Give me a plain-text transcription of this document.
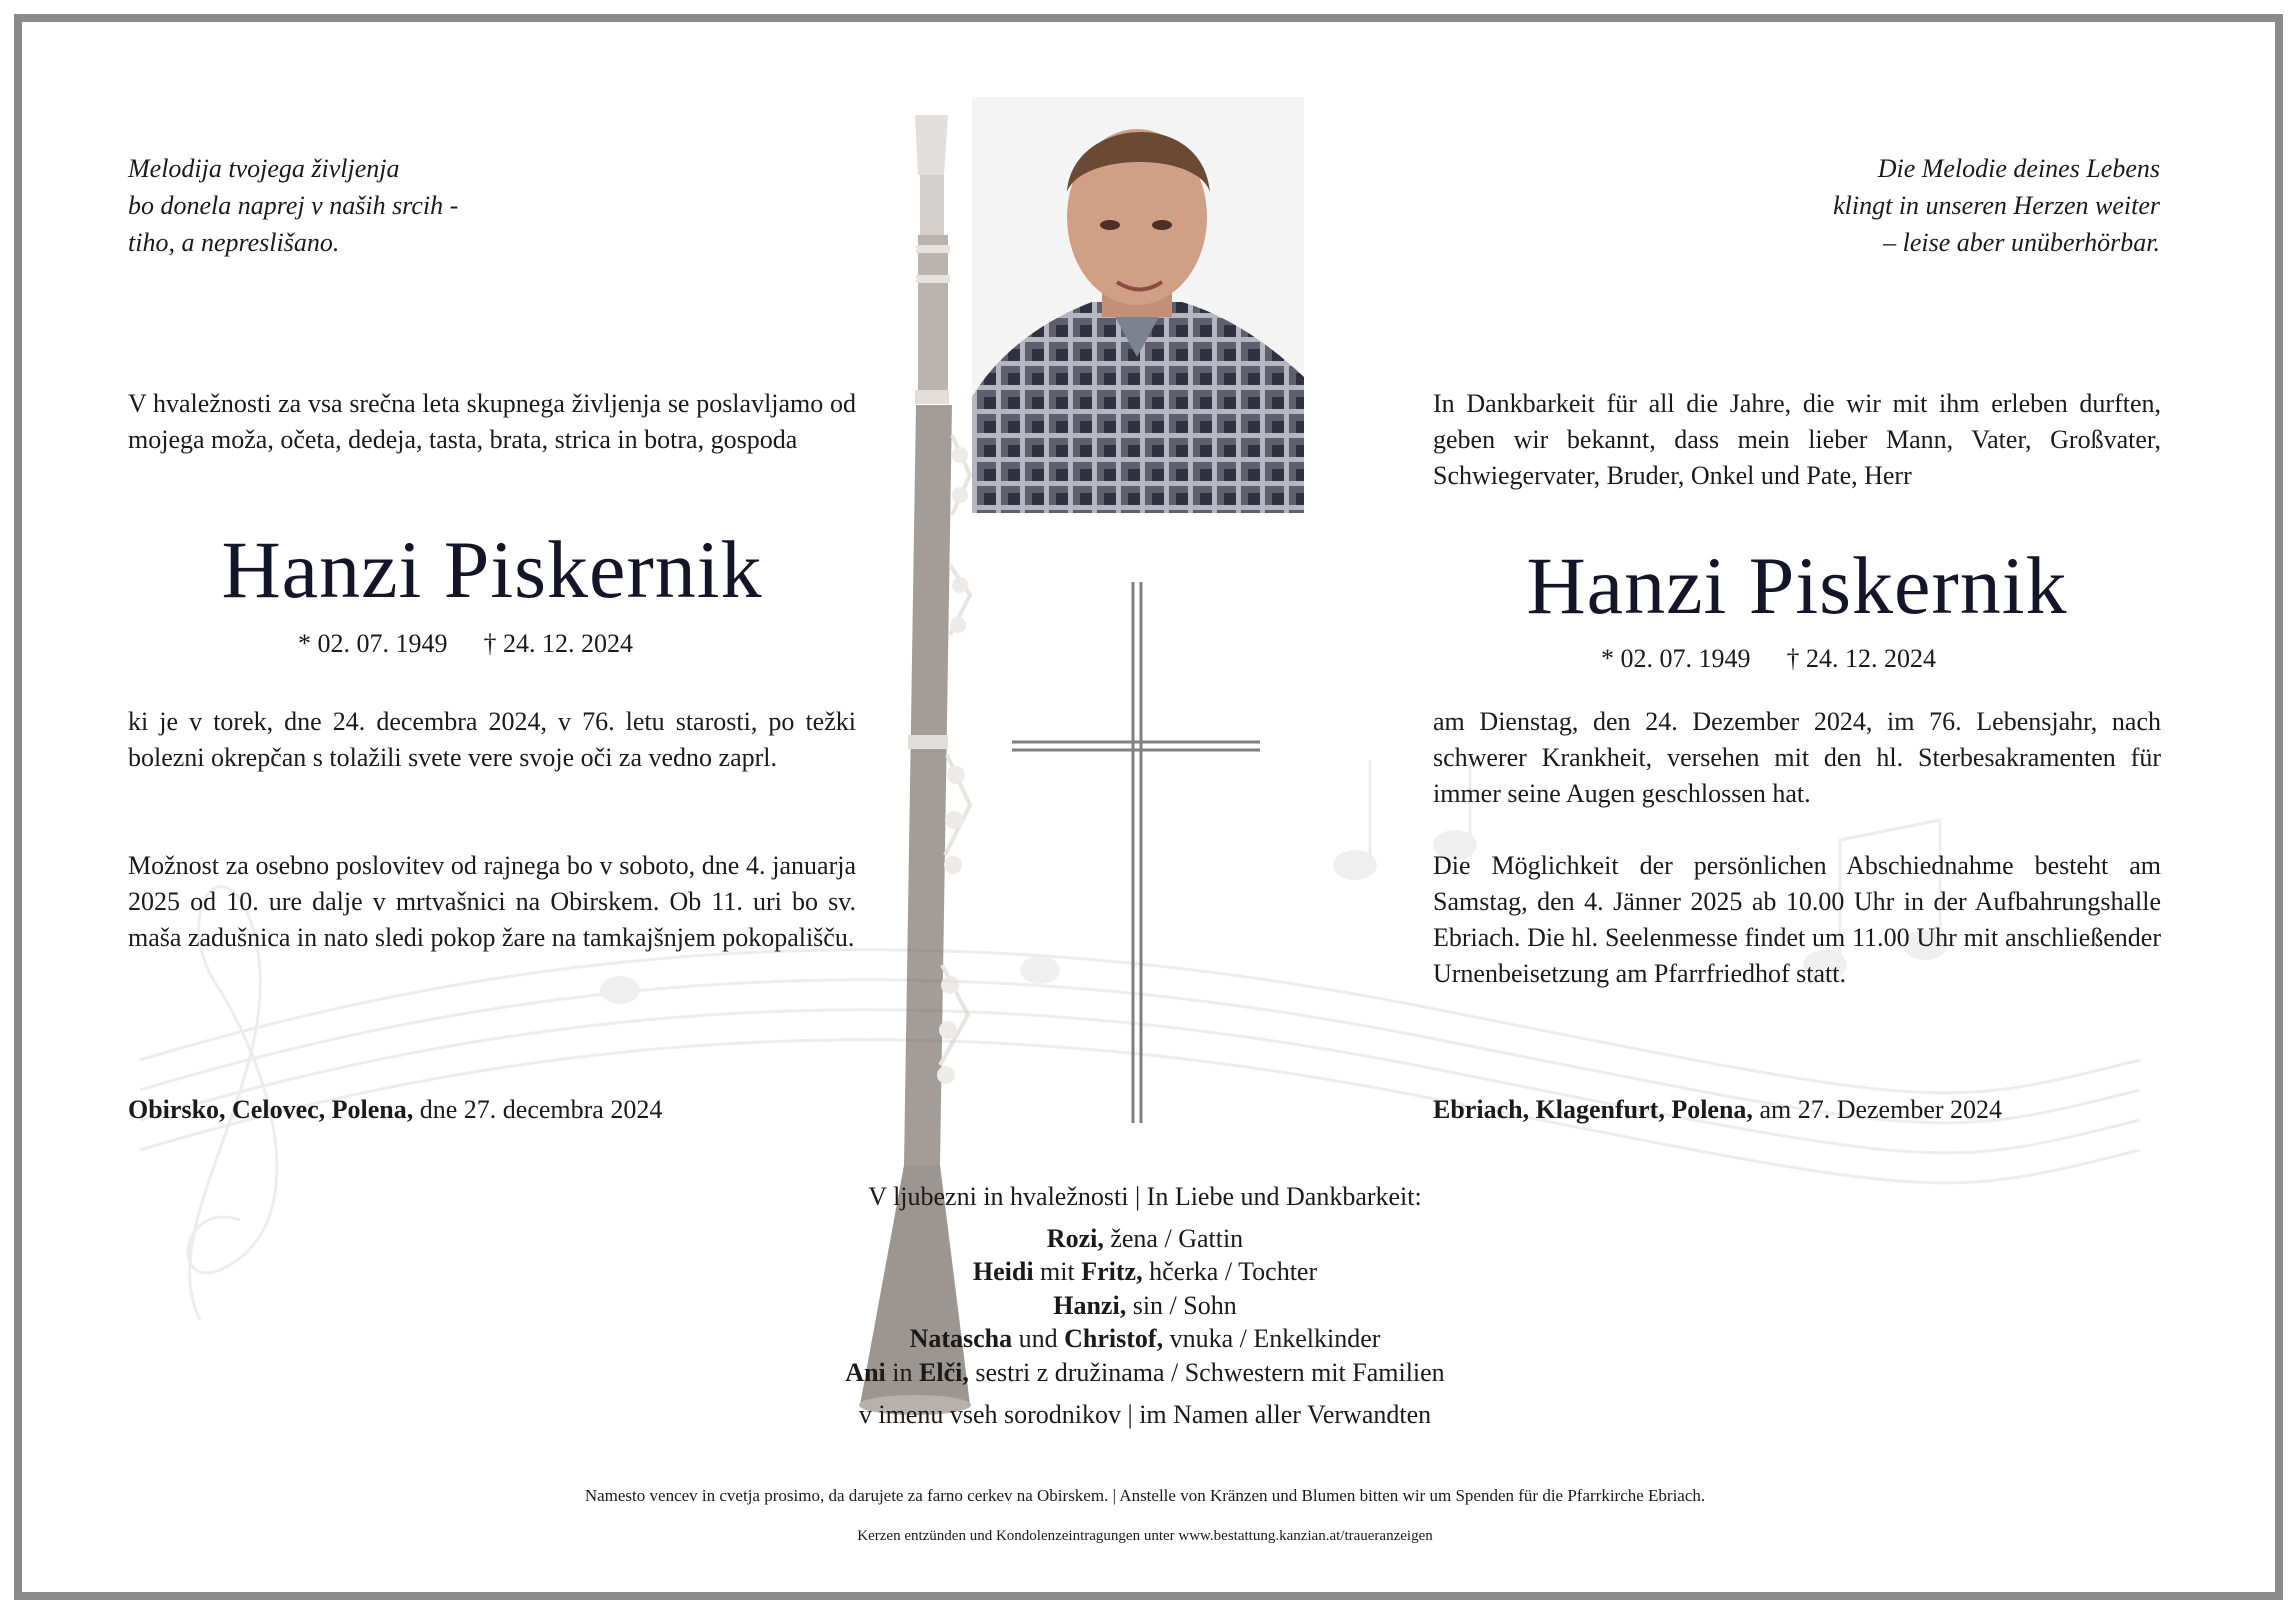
Melodija tvojega življenja
bo donela naprej v naših srcih -
tiho, a nepreslišano.
V hvaležnosti za vsa srečna leta skupnega življenja se poslavljamo od mojega moža, očeta, dedeja, tasta, brata, strica in botra, gospoda
Hanzi Piskernik
* 02. 07. 1949 † 24. 12. 2024
ki je v torek, dne 24. decembra 2024, v 76. letu starosti, po težki bolezni okrepčan s tolažili svete vere svoje oči za vedno zaprl.
Možnost za osebno poslovitev od rajnega bo v soboto, dne 4. januarja 2025 od 10. ure dalje v mrtvašnici na Obirskem. Ob 11. uri bo sv. maša zadušnica in nato sledi pokop žare na tamkajšnjem pokopališču.
Obirsko, Celovec, Polena, dne 27. decembra 2024
Die Melodie deines Lebens
klingt in unseren Herzen weiter
– leise aber unüberhörbar.
In Dankbarkeit für all die Jahre, die wir mit ihm erleben durften, geben wir bekannt, dass mein lieber Mann, Vater, Großvater, Schwiegervater, Bruder, Onkel und Pate, Herr
Hanzi Piskernik
* 02. 07. 1949 † 24. 12. 2024
am Dienstag, den 24. Dezember 2024, im 76. Lebensjahr, nach schwerer Krankheit, versehen mit den hl. Sterbesakramenten für immer seine Augen geschlossen hat.
Die Möglichkeit der persönlichen Abschiednahme besteht am Samstag, den 4. Jänner 2025 ab 10.00 Uhr in der Aufbahrungshalle Ebriach. Die hl. Seelenmesse findet um 11.00 Uhr mit anschließender Urnenbeisetzung am Pfarrfriedhof statt.
Ebriach, Klagenfurt, Polena, am 27. Dezember 2024
V ljubezni in hvaležnosti | In Liebe und Dankbarkeit:
Rozi, žena / Gattin
Heidi mit Fritz, hčerka / Tochter
Hanzi, sin / Sohn
Natascha und Christof, vnuka / Enkelkinder
Ani in Elči, sestri z družinama / Schwestern mit Familien
v imenu vseh sorodnikov | im Namen aller Verwandten
Namesto vencev in cvetja prosimo, da darujete za farno cerkev na Obirskem. | Anstelle von Kränzen und Blumen bitten wir um Spenden für die Pfarrkirche Ebriach.
Kerzen entzünden und Kondolenzeintragungen unter www.bestattung.kanzian.at/traueranzeigen
